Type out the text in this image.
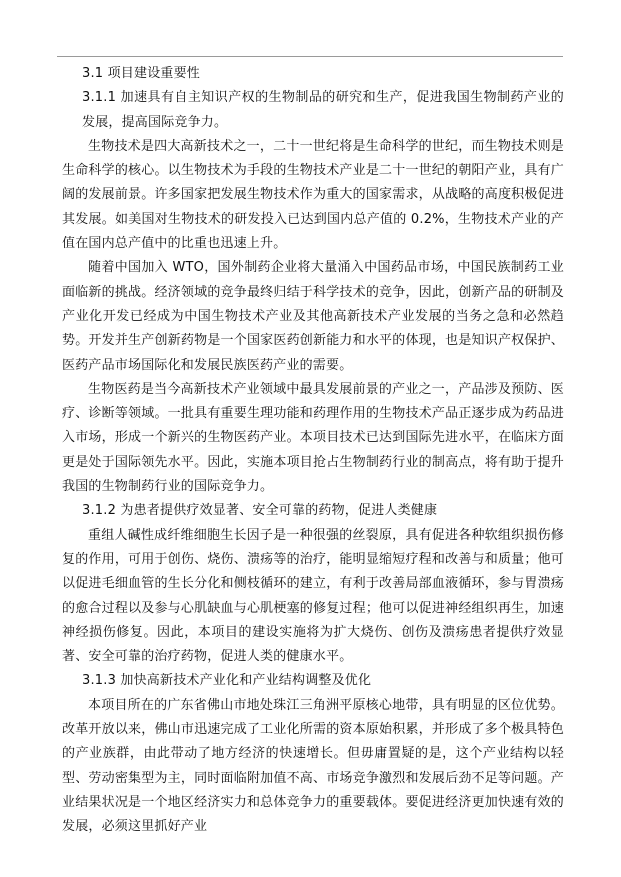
3.1 项目建设重要性

3.1.1 加速具有自主知识产权的生物制品的研究和生产，促进我国生物制药产业的发展，提高国际竞争力。

生物技术是四大高新技术之一，二十一世纪将是生命科学的世纪，而生物技术则是生命科学的核心。以生物技术为手段的生物技术产业是二十一世纪的朝阳产业，具有广阔的发展前景。许多国家把发展生物技术作为重大的国家需求，从战略的高度积极促进其发展。如美国对生物技术的研发投入已达到国内总产值的 0.2%，生物技术产业的产值在国内总产值中的比重也迅速上升。

随着中国加入 WTO，国外制药企业将大量涌入中国药品市场，中国民族制药工业面临新的挑战。经济领域的竞争最终归结于科学技术的竞争，因此，创新产品的研制及产业化开发已经成为中国生物技术产业及其他高新技术产业发展的当务之急和必然趋势。开发并生产创新药物是一个国家医药创新能力和水平的体现，也是知识产权保护、医药产品市场国际化和发展民族医药产业的需要。

生物医药是当今高新技术产业领域中最具发展前景的产业之一，产品涉及预防、医疗、诊断等领域。一批具有重要生理功能和药理作用的生物技术产品正逐步成为药品进入市场，形成一个新兴的生物医药产业。本项目技术已达到国际先进水平，在临床方面更是处于国际领先水平。因此，实施本项目抢占生物制药行业的制高点，将有助于提升我国的生物制药行业的国际竞争力。

3.1.2 为患者提供疗效显著、安全可靠的药物，促进人类健康

重组人碱性成纤维细胞生长因子是一种很强的丝裂原，具有促进各种软组织损伤修复的作用，可用于创伤、烧伤、溃疡等的治疗，能明显缩短疗程和改善与和质量；他可以促进毛细血管的生长分化和侧枝循环的建立，有利于改善局部血液循环，参与胃溃疡的愈合过程以及参与心肌缺血与心肌梗塞的修复过程；他可以促进神经组织再生，加速神经损伤修复。因此，本项目的建设实施将为扩大烧伤、创伤及溃疡患者提供疗效显著、安全可靠的治疗药物，促进人类的健康水平。

3.1.3 加快高新技术产业化和产业结构调整及优化

本项目所在的广东省佛山市地处珠江三角洲平原核心地带，具有明显的区位优势。改革开放以来，佛山市迅速完成了工业化所需的资本原始积累，并形成了多个极具特色的产业族群，由此带动了地方经济的快速增长。但毋庸置疑的是，这个产业结构以轻型、劳动密集型为主，同时面临附加值不高、市场竞争激烈和发展后劲不足等问题。产业结果状况是一个地区经济实力和总体竞争力的重要载体。要促进经济更加快速有效的发展，必须这里抓好产业
